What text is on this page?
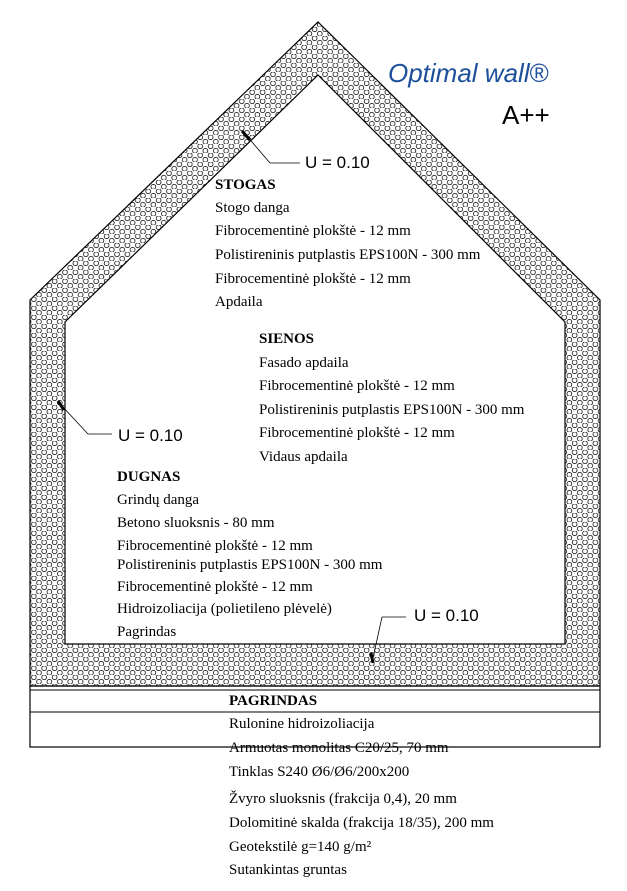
Optimal wall®
A++
U = 0.10
U = 0.10
U = 0.10
STOGAS
Stogo danga
Fibrocementinė plokštė - 12 mm
Polistireninis putplastis EPS100N - 300 mm
Fibrocementinė plokštė - 12 mm
Apdaila
SIENOS
Fasado apdaila
Fibrocementinė plokštė - 12 mm
Polistireninis putplastis EPS100N - 300 mm
Fibrocementinė plokštė - 12 mm
Vidaus apdaila
DUGNAS
Grindų danga
Betono sluoksnis - 80 mm
Fibrocementinė plokštė - 12 mm
Polistireninis putplastis EPS100N - 300 mm
Fibrocementinė plokštė - 12 mm
Hidroizoliacija (polietileno plėvelė)
Pagrindas
PAGRINDAS
Rulonine hidroizoliacija
Armuotas monolitas C20/25, 70 mm
Tinklas S240 Ø6/Ø6/200x200
Žvyro sluoksnis (frakcija 0,4), 20 mm
Dolomitinė skalda (frakcija 18/35), 200 mm
Geotekstilė g=140 g/m²
Sutankintas gruntas
